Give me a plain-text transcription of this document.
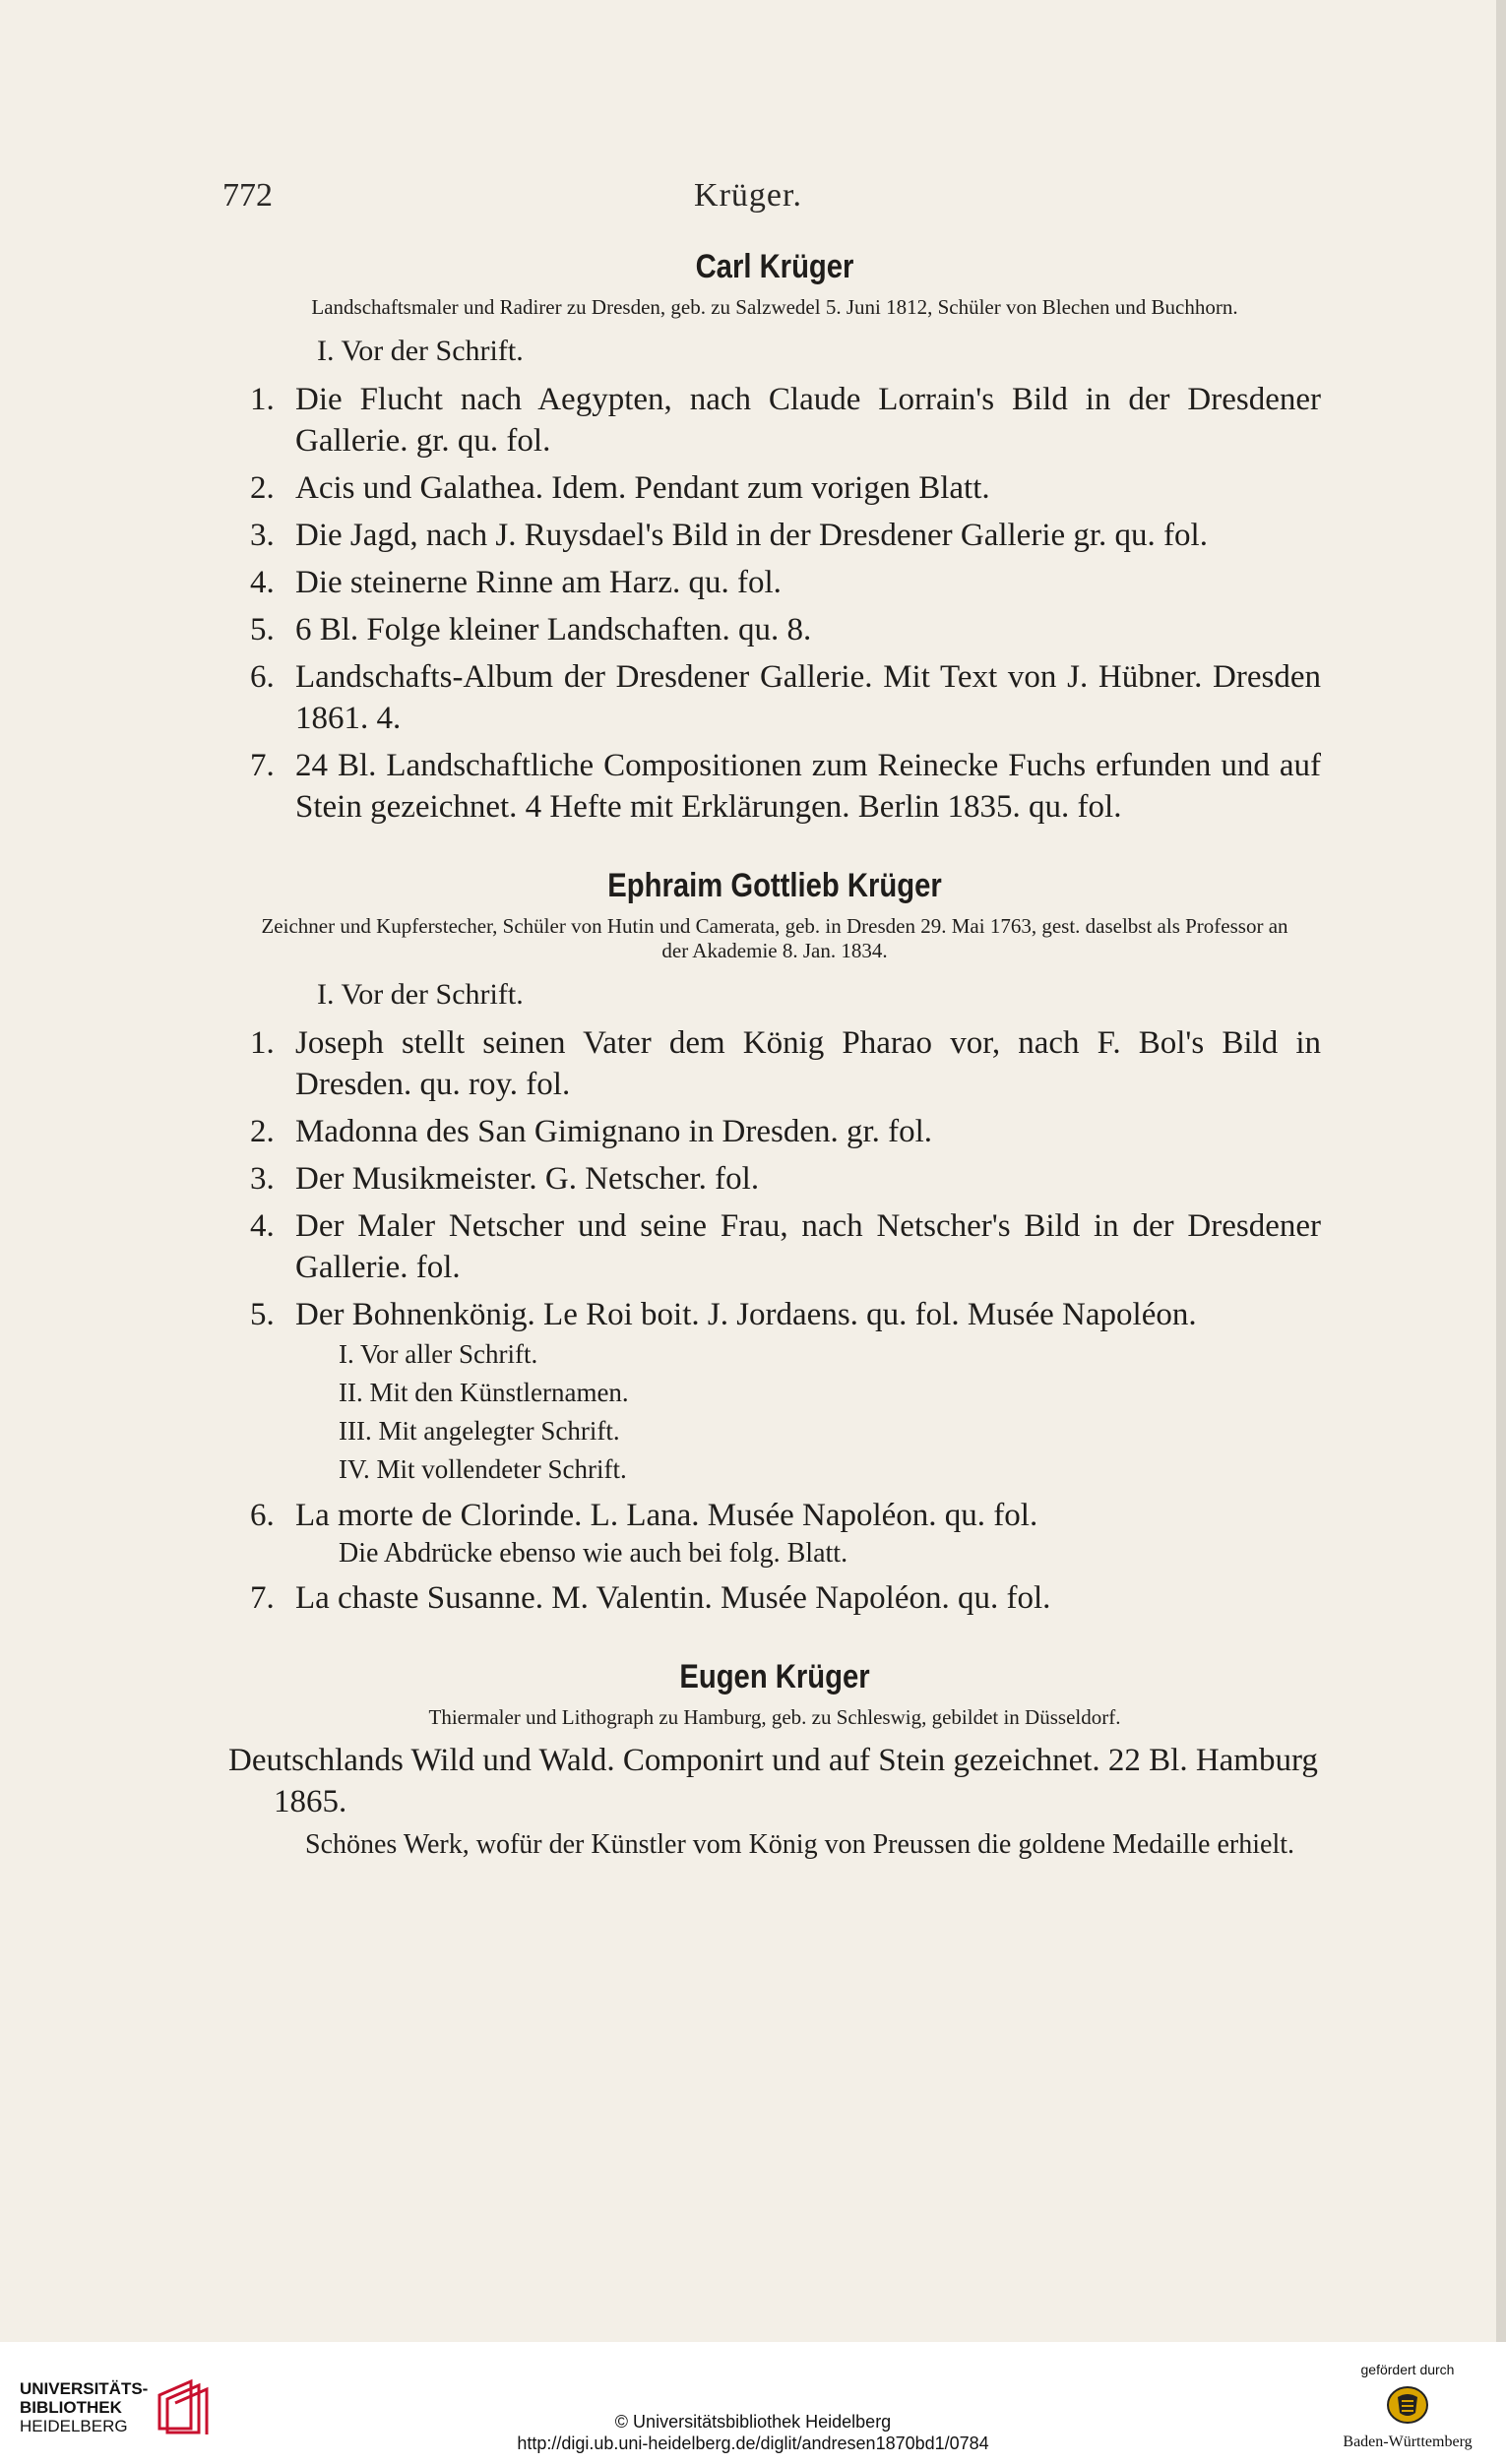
772	Krüger.
Carl Krüger

Landschaftsmaler und Radirer zu Dresden, geb. zu Salzwedel 5. Juni 1812, Schüler von Blechen und Buchhorn.

I. Vor der Schrift.
1. Die Flucht nach Aegypten, nach Claude Lorrain's Bild in der Dresdener Gallerie. gr. qu. fol.
2. Acis und Galathea. Idem. Pendant zum vorigen Blatt.
3. Die Jagd, nach J. Ruysdael's Bild in der Dresdener Gallerie gr. qu. fol.
4. Die steinerne Rinne am Harz. qu. fol.
5. 6 Bl. Folge kleiner Landschaften. qu. 8.
6. Landschafts-Album der Dresdener Gallerie. Mit Text von J. Hübner. Dresden 1861. 4.
7. 24 Bl. Landschaftliche Compositionen zum Reinecke Fuchs erfunden und auf Stein gezeichnet. 4 Hefte mit Erklärungen. Berlin 1835. qu. fol.
Ephraim Gottlieb Krüger

Zeichner und Kupferstecher, Schüler von Hutin und Camerata, geb. in Dresden 29. Mai 1763, gest. daselbst als Professor an der Akademie 8. Jan. 1834.

I. Vor der Schrift.
1. Joseph stellt seinen Vater dem König Pharao vor, nach F. Bol's Bild in Dresden. qu. roy. fol.
2. Madonna des San Gimignano in Dresden. gr. fol.
3. Der Musikmeister. G. Netscher. fol.
4. Der Maler Netscher und seine Frau, nach Netscher's Bild in der Dresdener Gallerie. fol.
5. Der Bohnenkönig. Le Roi boit. J. Jordaens. qu. fol. Musée Napoléon.
I. Vor aller Schrift.
II. Mit den Künstlernamen.
III. Mit angelegter Schrift.
IV. Mit vollendeter Schrift.
6. La morte de Clorinde. L. Lana. Musée Napoléon. qu. fol.
Die Abdrücke ebenso wie auch bei folg. Blatt.
7. La chaste Susanne. M. Valentin. Musée Napoléon. qu. fol.
Eugen Krüger

Thiermaler und Lithograph zu Hamburg, geb. zu Schleswig, gebildet in Düsseldorf.

Deutschlands Wild und Wald. Componirt und auf Stein gezeichnet. 22 Bl. Hamburg 1865.
Schönes Werk, wofür der Künstler vom König von Preussen die goldene Medaille erhielt.
UNIVERSITÄTS-
BIBLIOTHEK
HEIDELBERG	© Universitätsbibliothek Heidelberg
http://digi.ub.uni-heidelberg.de/diglit/andresen1870bd1/0784
gefördert durch
Baden-Württemberg
